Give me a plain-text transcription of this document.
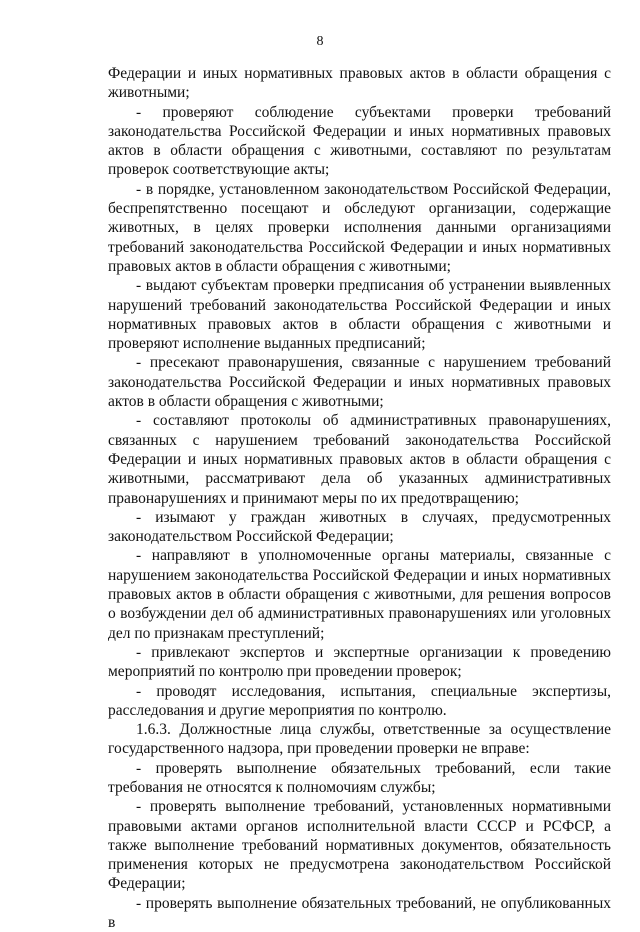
8

Федерации и иных нормативных правовых актов в области обращения с животными;

- проверяют соблюдение субъектами проверки требований законодательства Российской Федерации и иных нормативных правовых актов в области обращения с животными, составляют по результатам проверок соответствующие акты;

- в порядке, установленном законодательством Российской Федерации, беспрепятственно посещают и обследуют организации, содержащие животных, в целях проверки исполнения данными организациями требований законодательства Российской Федерации и иных нормативных правовых актов в области обращения с животными;

- выдают субъектам проверки предписания об устранении выявленных нарушений требований законодательства Российской Федерации и иных нормативных правовых актов в области обращения с животными и проверяют исполнение выданных предписаний;

- пресекают правонарушения, связанные с нарушением требований законодательства Российской Федерации и иных нормативных правовых актов в области обращения с животными;

- составляют протоколы об административных правонарушениях, связанных с нарушением требований законодательства Российской Федерации и иных нормативных правовых актов в области обращения с животными, рассматривают дела об указанных административных правонарушениях и принимают меры по их предотвращению;

- изымают у граждан животных в случаях, предусмотренных законодательством Российской Федерации;

- направляют в уполномоченные органы материалы, связанные с нарушением законодательства Российской Федерации и иных нормативных правовых актов в области обращения с животными, для решения вопросов о возбуждении дел об административных правонарушениях или уголовных дел по признакам преступлений;

- привлекают экспертов и экспертные организации к проведению мероприятий по контролю при проведении проверок;

- проводят исследования, испытания, специальные экспертизы, расследования и другие мероприятия по контролю.

1.6.3. Должностные лица службы, ответственные за осуществление государственного надзора, при проведении проверки не вправе:

- проверять выполнение обязательных требований, если такие требования не относятся к полномочиям службы;

- проверять выполнение требований, установленных нормативными правовыми актами органов исполнительной власти СССР и РСФСР, а также выполнение требований нормативных документов, обязательность применения которых не предусмотрена законодательством Российской Федерации;

- проверять выполнение обязательных требований, не опубликованных в
